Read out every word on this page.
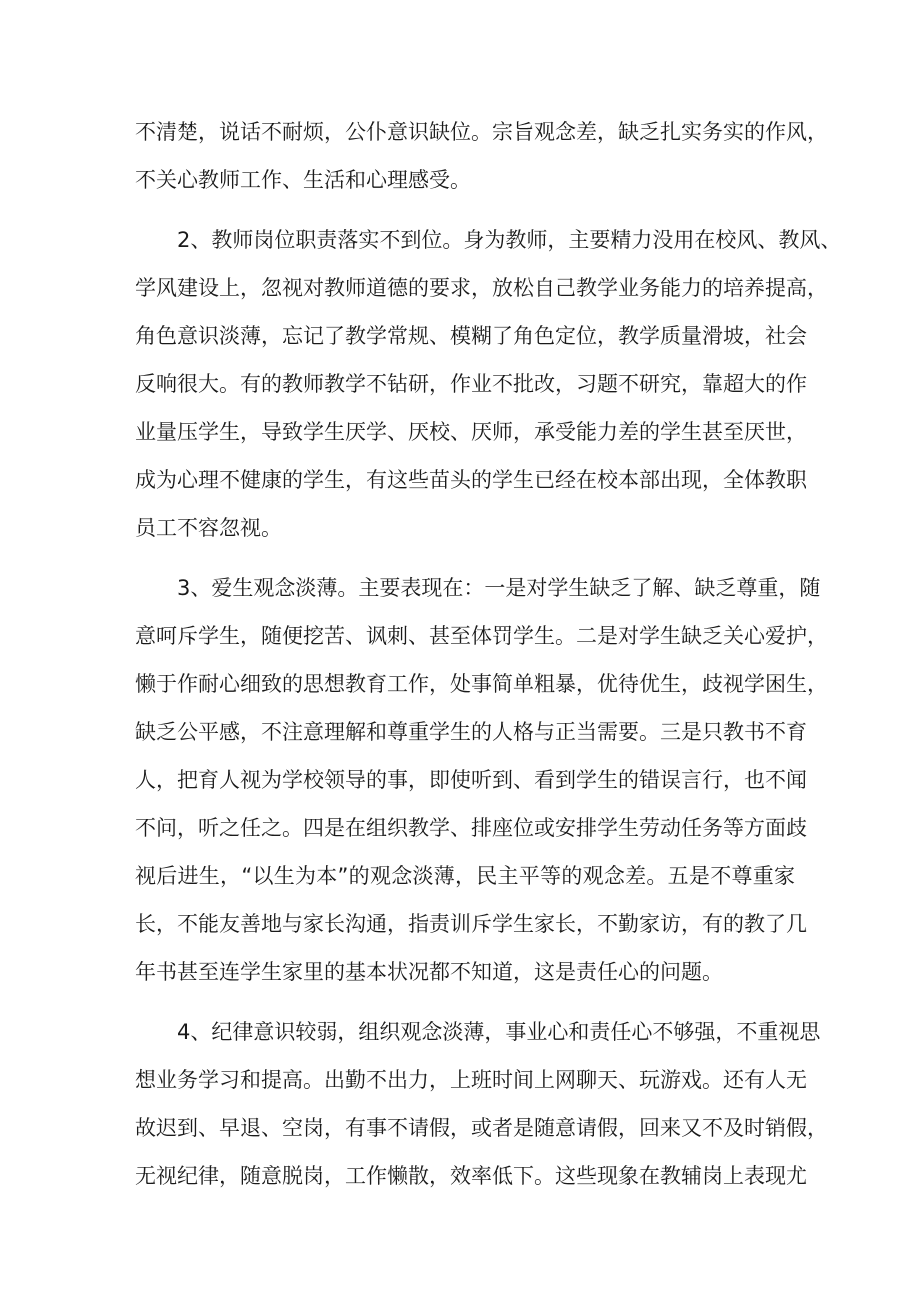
不清楚，说话不耐烦，公仆意识缺位。宗旨观念差，缺乏扎实务实的作风，
不关心教师工作、生活和心理感受。
2、教师岗位职责落实不到位。身为教师，主要精力没用在校风、教风、
学风建设上，忽视对教师道德的要求，放松自己教学业务能力的培养提高，
角色意识淡薄，忘记了教学常规、模糊了角色定位，教学质量滑坡，社会
反响很大。有的教师教学不钻研，作业不批改，习题不研究，靠超大的作
业量压学生，导致学生厌学、厌校、厌师，承受能力差的学生甚至厌世，
成为心理不健康的学生，有这些苗头的学生已经在校本部出现，全体教职
员工不容忽视。
3、爱生观念淡薄。主要表现在：一是对学生缺乏了解、缺乏尊重，随
意呵斥学生，随便挖苦、讽刺、甚至体罚学生。二是对学生缺乏关心爱护，
懒于作耐心细致的思想教育工作，处事简单粗暴，优待优生，歧视学困生，
缺乏公平感，不注意理解和尊重学生的人格与正当需要。三是只教书不育
人，把育人视为学校领导的事，即使听到、看到学生的错误言行，也不闻
不问，听之任之。四是在组织教学、排座位或安排学生劳动任务等方面歧
视后进生，“以生为本”的观念淡薄，民主平等的观念差。五是不尊重家
长，不能友善地与家长沟通，指责训斥学生家长，不勤家访，有的教了几
年书甚至连学生家里的基本状况都不知道，这是责任心的问题。
4、纪律意识较弱，组织观念淡薄，事业心和责任心不够强，不重视思
想业务学习和提高。出勤不出力，上班时间上网聊天、玩游戏。还有人无
故迟到、早退、空岗，有事不请假，或者是随意请假，回来又不及时销假，
无视纪律，随意脱岗，工作懒散，效率低下。这些现象在教辅岗上表现尤
